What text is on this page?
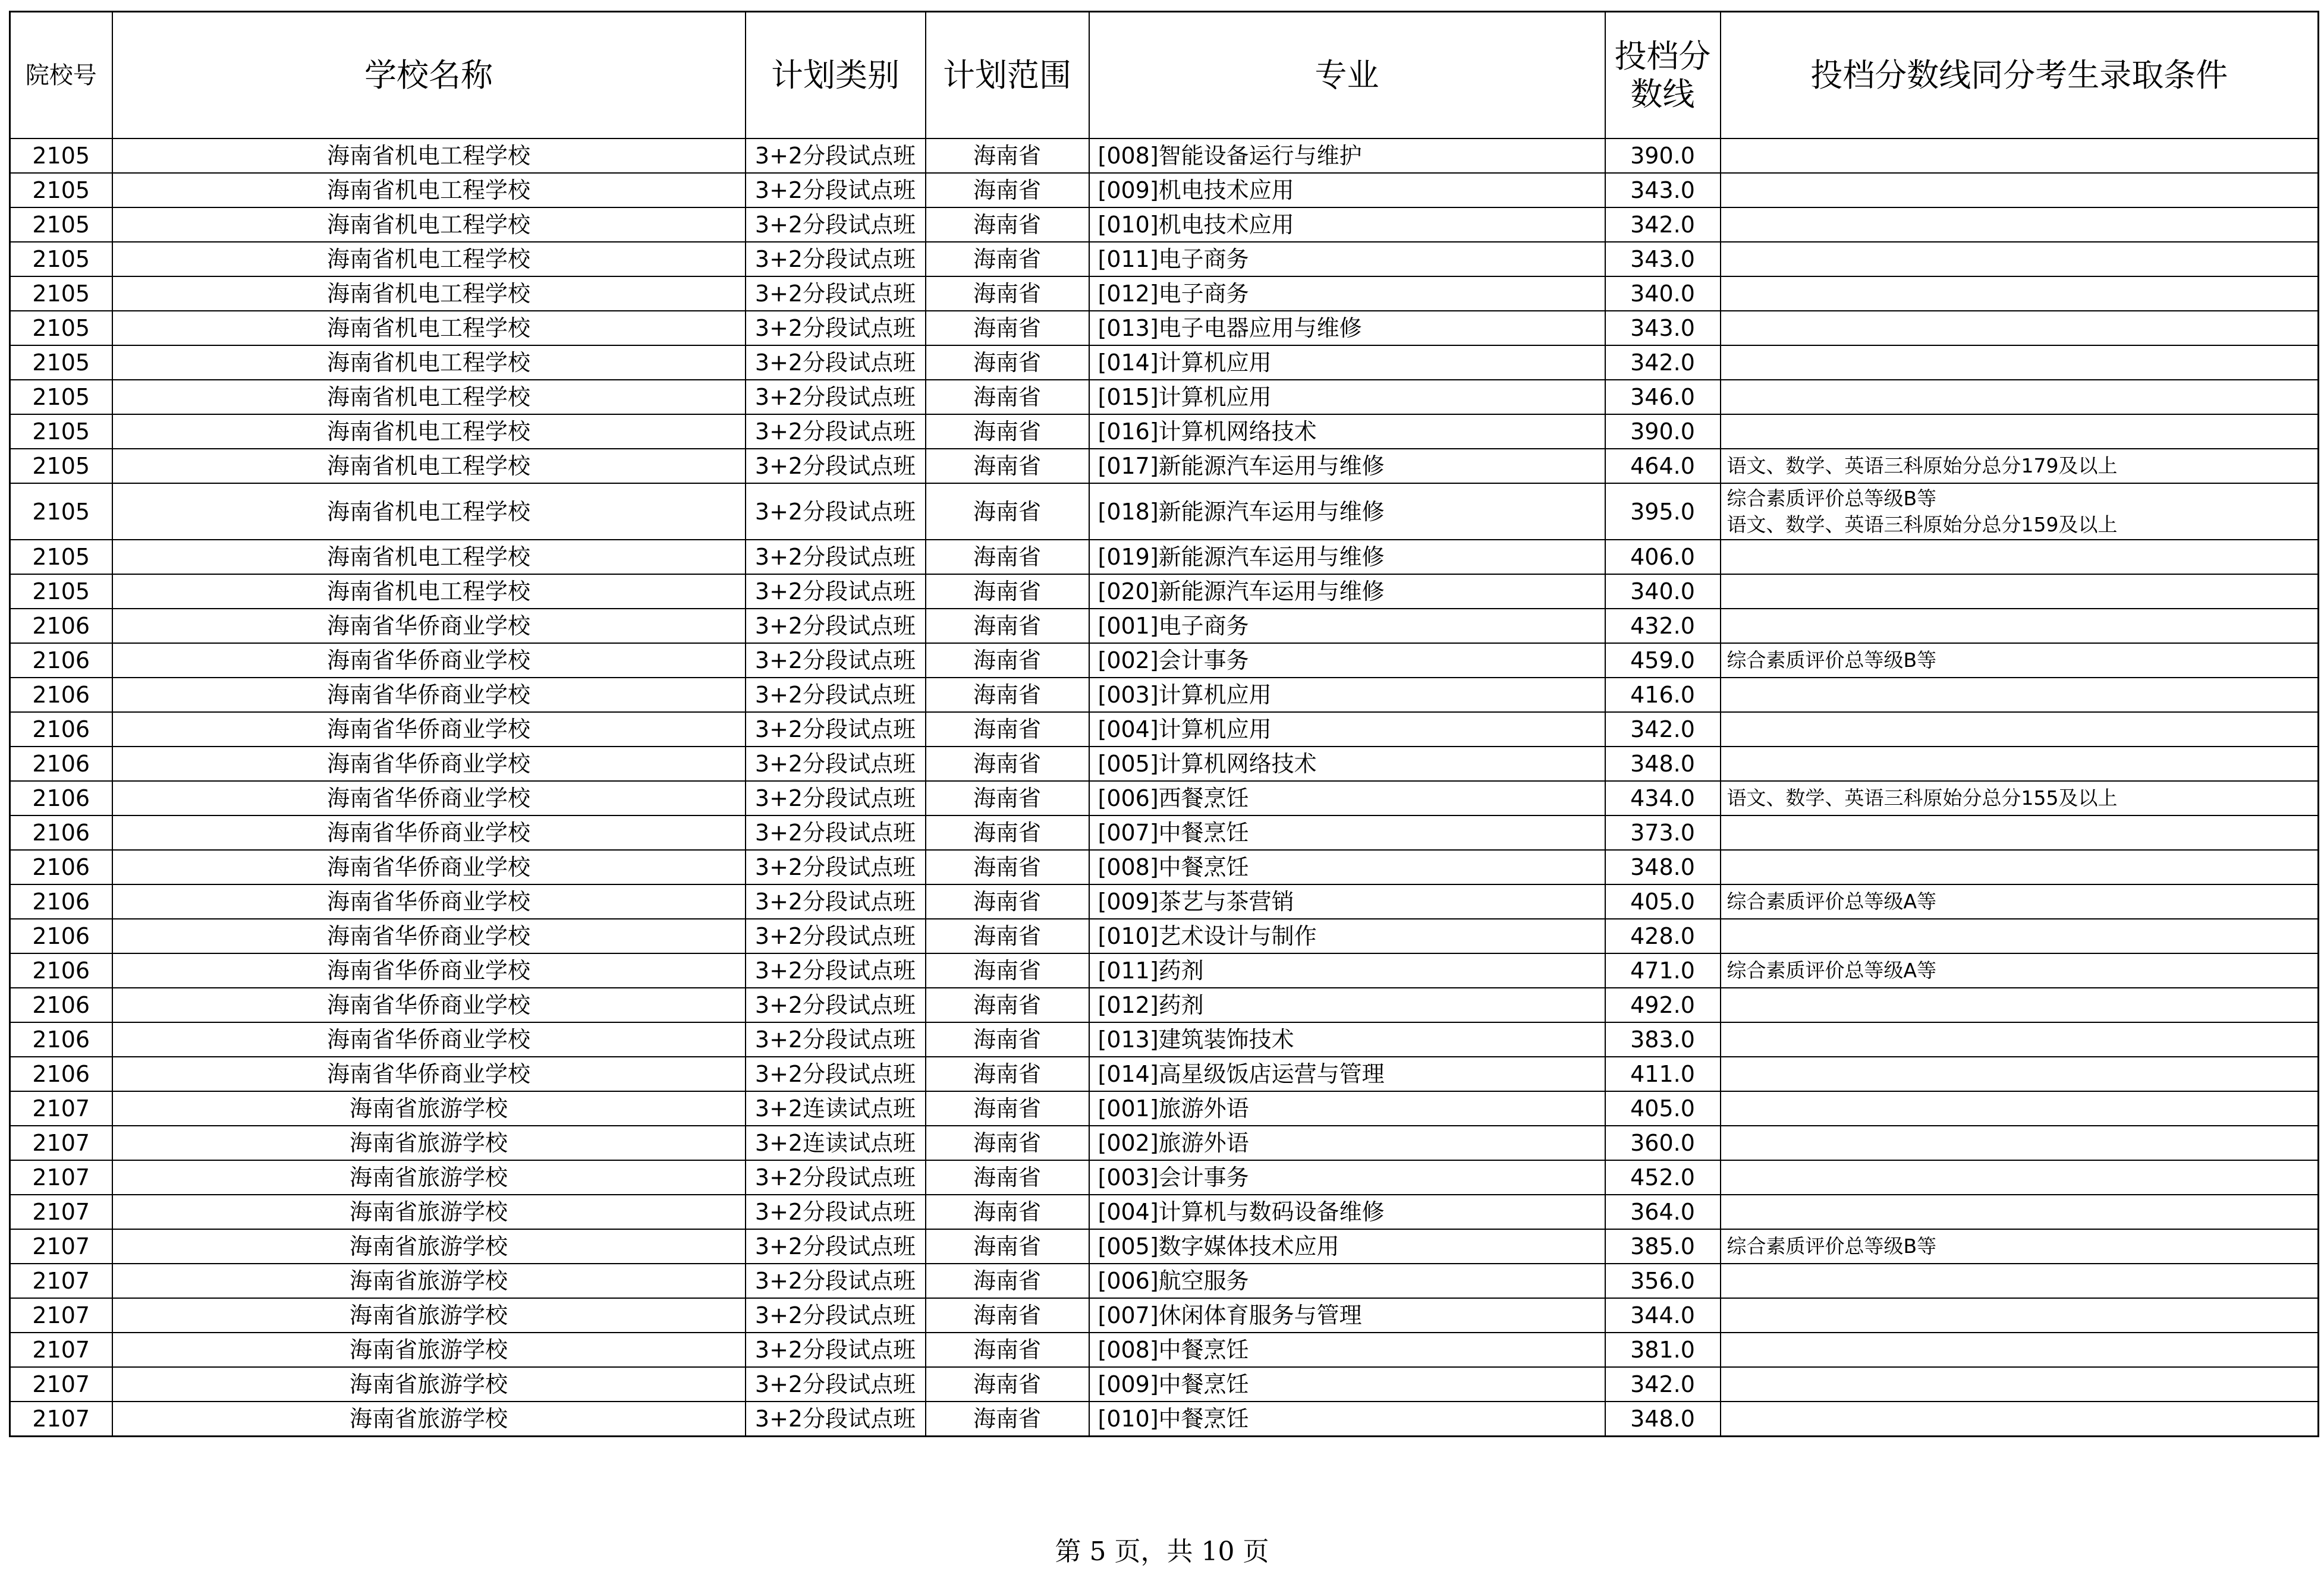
院校号	学校名称	计划类别	计划范围	专业	投档分数线	投档分数线同分考生录取条件
2105	海南省机电工程学校	3+2分段试点班	海南省	[008]智能设备运行与维护	390.0	
2105	海南省机电工程学校	3+2分段试点班	海南省	[009]机电技术应用	343.0	
2105	海南省机电工程学校	3+2分段试点班	海南省	[010]机电技术应用	342.0	
2105	海南省机电工程学校	3+2分段试点班	海南省	[011]电子商务	343.0	
2105	海南省机电工程学校	3+2分段试点班	海南省	[012]电子商务	340.0	
2105	海南省机电工程学校	3+2分段试点班	海南省	[013]电子电器应用与维修	343.0	
2105	海南省机电工程学校	3+2分段试点班	海南省	[014]计算机应用	342.0	
2105	海南省机电工程学校	3+2分段试点班	海南省	[015]计算机应用	346.0	
2105	海南省机电工程学校	3+2分段试点班	海南省	[016]计算机网络技术	390.0	
2105	海南省机电工程学校	3+2分段试点班	海南省	[017]新能源汽车运用与维修	464.0	语文、数学、英语三科原始分总分179及以上
2105	海南省机电工程学校	3+2分段试点班	海南省	[018]新能源汽车运用与维修	395.0	综合素质评价总等级B等
语文、数学、英语三科原始分总分159及以上
2105	海南省机电工程学校	3+2分段试点班	海南省	[019]新能源汽车运用与维修	406.0	
2105	海南省机电工程学校	3+2分段试点班	海南省	[020]新能源汽车运用与维修	340.0	
2106	海南省华侨商业学校	3+2分段试点班	海南省	[001]电子商务	432.0	
2106	海南省华侨商业学校	3+2分段试点班	海南省	[002]会计事务	459.0	综合素质评价总等级B等
2106	海南省华侨商业学校	3+2分段试点班	海南省	[003]计算机应用	416.0	
2106	海南省华侨商业学校	3+2分段试点班	海南省	[004]计算机应用	342.0	
2106	海南省华侨商业学校	3+2分段试点班	海南省	[005]计算机网络技术	348.0	
2106	海南省华侨商业学校	3+2分段试点班	海南省	[006]西餐烹饪	434.0	语文、数学、英语三科原始分总分155及以上
2106	海南省华侨商业学校	3+2分段试点班	海南省	[007]中餐烹饪	373.0	
2106	海南省华侨商业学校	3+2分段试点班	海南省	[008]中餐烹饪	348.0	
2106	海南省华侨商业学校	3+2分段试点班	海南省	[009]茶艺与茶营销	405.0	综合素质评价总等级A等
2106	海南省华侨商业学校	3+2分段试点班	海南省	[010]艺术设计与制作	428.0	
2106	海南省华侨商业学校	3+2分段试点班	海南省	[011]药剂	471.0	综合素质评价总等级A等
2106	海南省华侨商业学校	3+2分段试点班	海南省	[012]药剂	492.0	
2106	海南省华侨商业学校	3+2分段试点班	海南省	[013]建筑装饰技术	383.0	
2106	海南省华侨商业学校	3+2分段试点班	海南省	[014]高星级饭店运营与管理	411.0	
2107	海南省旅游学校	3+2连读试点班	海南省	[001]旅游外语	405.0	
2107	海南省旅游学校	3+2连读试点班	海南省	[002]旅游外语	360.0	
2107	海南省旅游学校	3+2分段试点班	海南省	[003]会计事务	452.0	
2107	海南省旅游学校	3+2分段试点班	海南省	[004]计算机与数码设备维修	364.0	
2107	海南省旅游学校	3+2分段试点班	海南省	[005]数字媒体技术应用	385.0	综合素质评价总等级B等
2107	海南省旅游学校	3+2分段试点班	海南省	[006]航空服务	356.0	
2107	海南省旅游学校	3+2分段试点班	海南省	[007]休闲体育服务与管理	344.0	
2107	海南省旅游学校	3+2分段试点班	海南省	[008]中餐烹饪	381.0	
2107	海南省旅游学校	3+2分段试点班	海南省	[009]中餐烹饪	342.0	
2107	海南省旅游学校	3+2分段试点班	海南省	[010]中餐烹饪	348.0	
第 5 页，共 10 页
